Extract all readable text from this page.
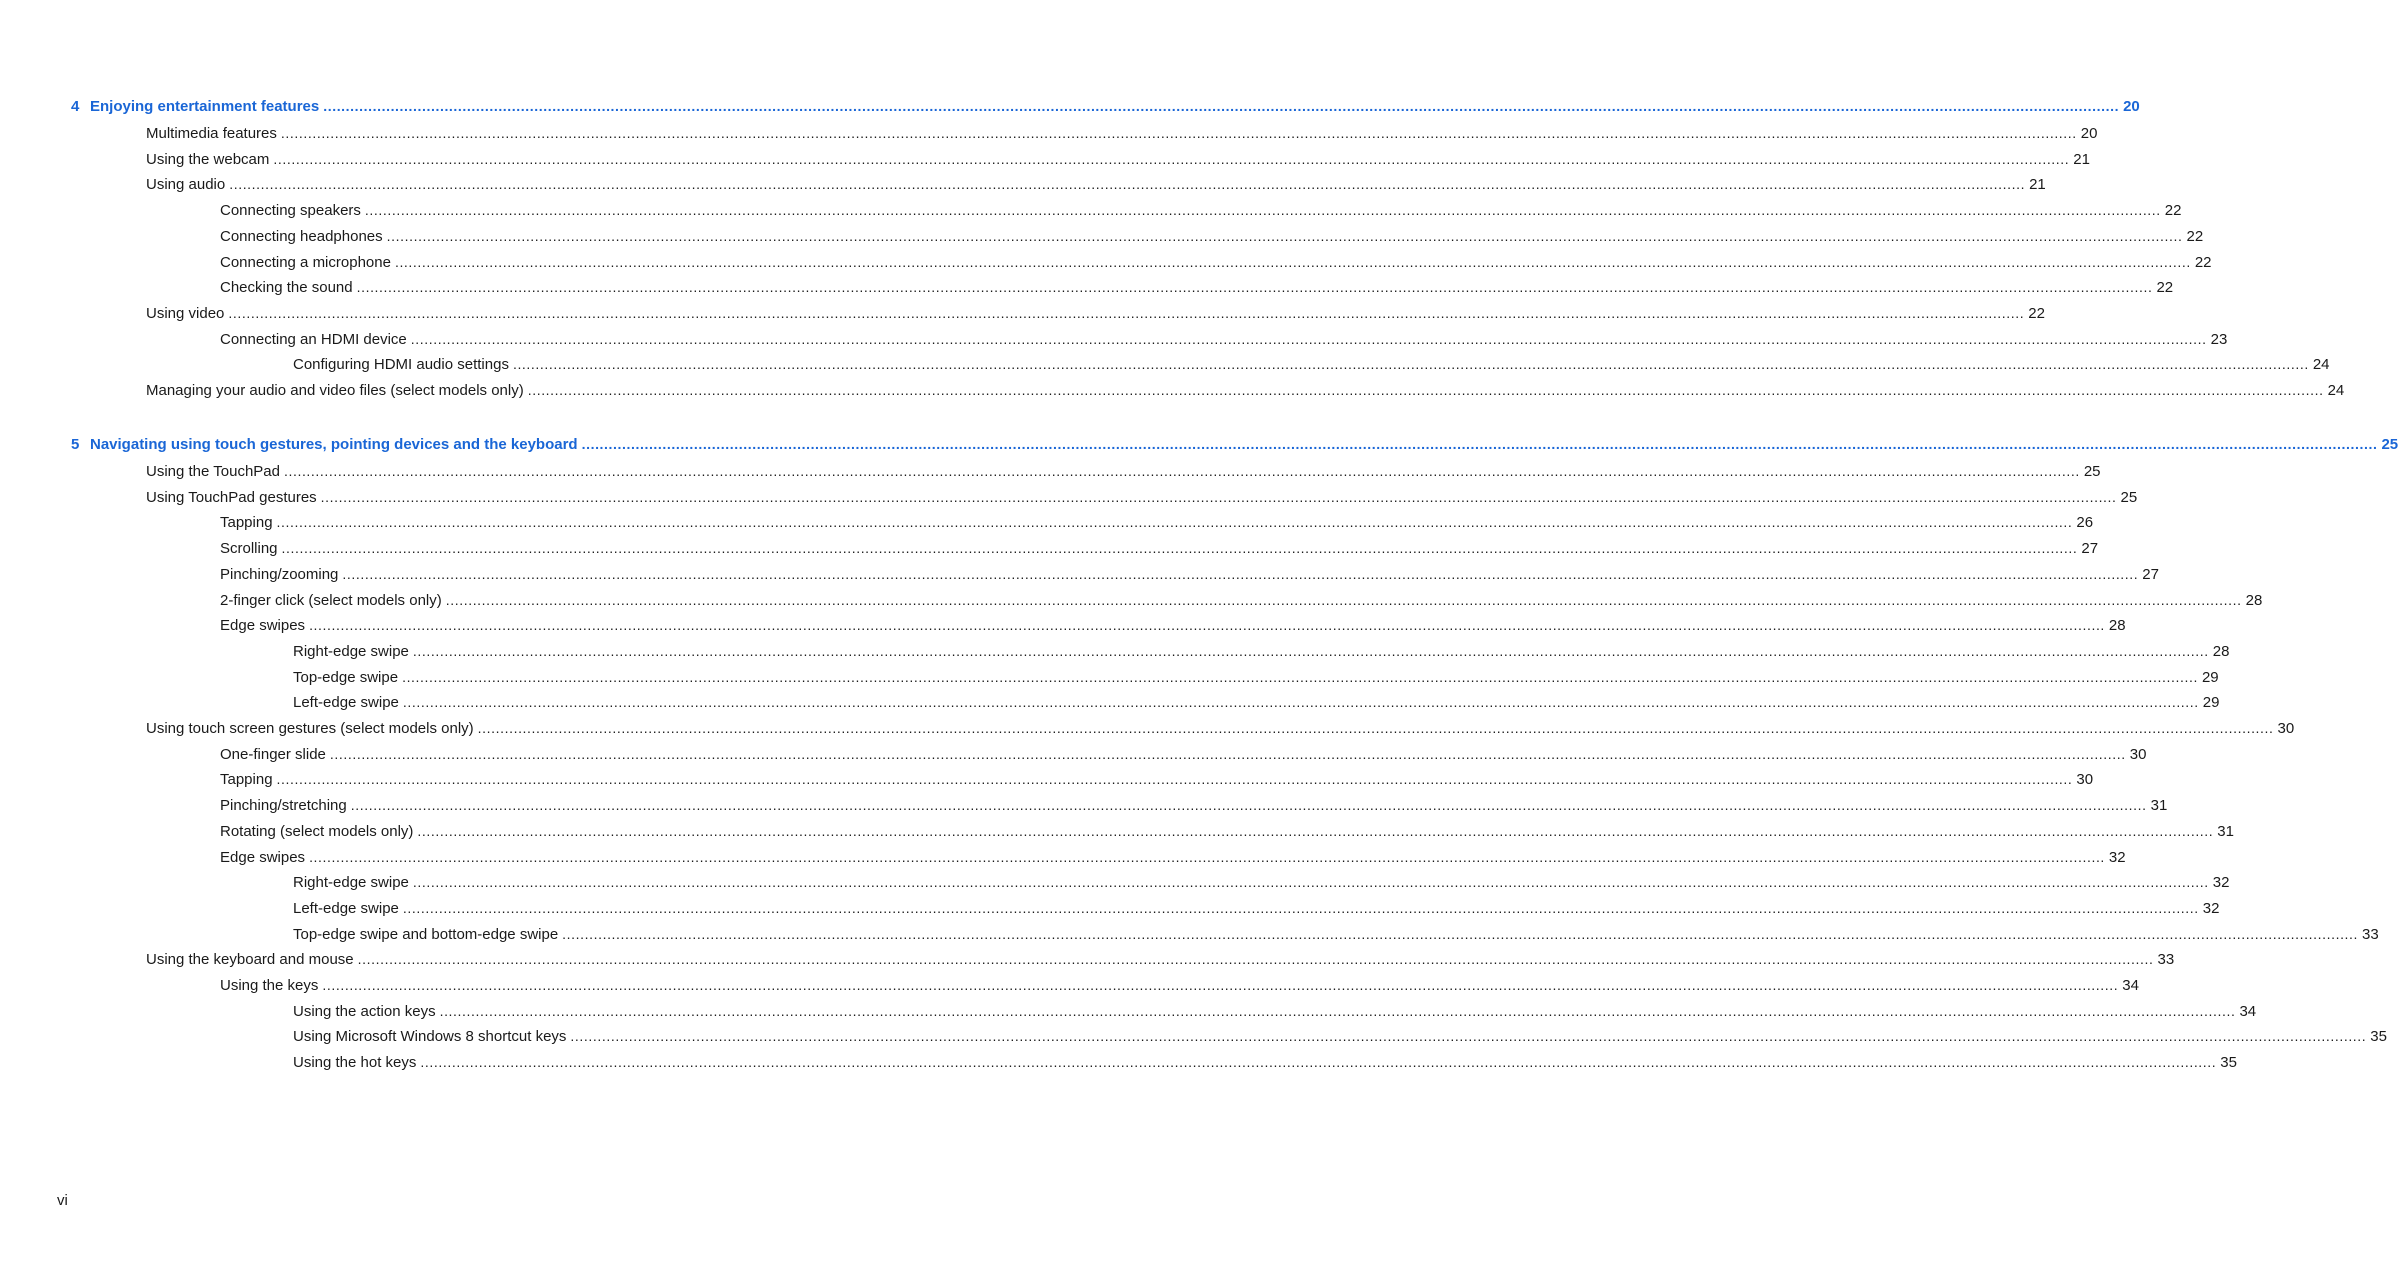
4 Enjoying entertainment features ................................................................................................................................................................................................................................................................................................................................................................................................................ 20
Multimedia features ................................................................................................................................................................................................................................................................................................................................................................................................................ 20
Using the webcam ................................................................................................................................................................................................................................................................................................................................................................................................................ 21
Using audio ................................................................................................................................................................................................................................................................................................................................................................................................................ 21
Connecting speakers ................................................................................................................................................................................................................................................................................................................................................................................................................ 22
Connecting headphones ................................................................................................................................................................................................................................................................................................................................................................................................................ 22
Connecting a microphone ................................................................................................................................................................................................................................................................................................................................................................................................................ 22
Checking the sound ................................................................................................................................................................................................................................................................................................................................................................................................................ 22
Using video ................................................................................................................................................................................................................................................................................................................................................................................................................ 22
Connecting an HDMI device ................................................................................................................................................................................................................................................................................................................................................................................................................ 23
Configuring HDMI audio settings ................................................................................................................................................................................................................................................................................................................................................................................................................ 24
Managing your audio and video files (select models only) ................................................................................................................................................................................................................................................................................................................................................................................................................ 24
5 Navigating using touch gestures, pointing devices and the keyboard ................................................................................................................................................................................................................................................................................................................................................................................................................ 25
Using the TouchPad ................................................................................................................................................................................................................................................................................................................................................................................................................ 25
Using TouchPad gestures ................................................................................................................................................................................................................................................................................................................................................................................................................ 25
Tapping ................................................................................................................................................................................................................................................................................................................................................................................................................ 26
Scrolling ................................................................................................................................................................................................................................................................................................................................................................................................................ 27
Pinching/zooming ................................................................................................................................................................................................................................................................................................................................................................................................................ 27
2-finger click (select models only) ................................................................................................................................................................................................................................................................................................................................................................................................................ 28
Edge swipes ................................................................................................................................................................................................................................................................................................................................................................................................................ 28
Right-edge swipe ................................................................................................................................................................................................................................................................................................................................................................................................................ 28
Top-edge swipe ................................................................................................................................................................................................................................................................................................................................................................................................................ 29
Left-edge swipe ................................................................................................................................................................................................................................................................................................................................................................................................................ 29
Using touch screen gestures (select models only) ................................................................................................................................................................................................................................................................................................................................................................................................................ 30
One-finger slide ................................................................................................................................................................................................................................................................................................................................................................................................................ 30
Tapping ................................................................................................................................................................................................................................................................................................................................................................................................................ 30
Pinching/stretching ................................................................................................................................................................................................................................................................................................................................................................................................................ 31
Rotating (select models only) ................................................................................................................................................................................................................................................................................................................................................................................................................ 31
Edge swipes ................................................................................................................................................................................................................................................................................................................................................................................................................ 32
Right-edge swipe ................................................................................................................................................................................................................................................................................................................................................................................................................ 32
Left-edge swipe ................................................................................................................................................................................................................................................................................................................................................................................................................ 32
Top-edge swipe and bottom-edge swipe ................................................................................................................................................................................................................................................................................................................................................................................................................ 33
Using the keyboard and mouse ................................................................................................................................................................................................................................................................................................................................................................................................................ 33
Using the keys ................................................................................................................................................................................................................................................................................................................................................................................................................ 34
Using the action keys ................................................................................................................................................................................................................................................................................................................................................................................................................ 34
Using Microsoft Windows 8 shortcut keys ................................................................................................................................................................................................................................................................................................................................................................................................................ 35
Using the hot keys ................................................................................................................................................................................................................................................................................................................................................................................................................ 35
vi
